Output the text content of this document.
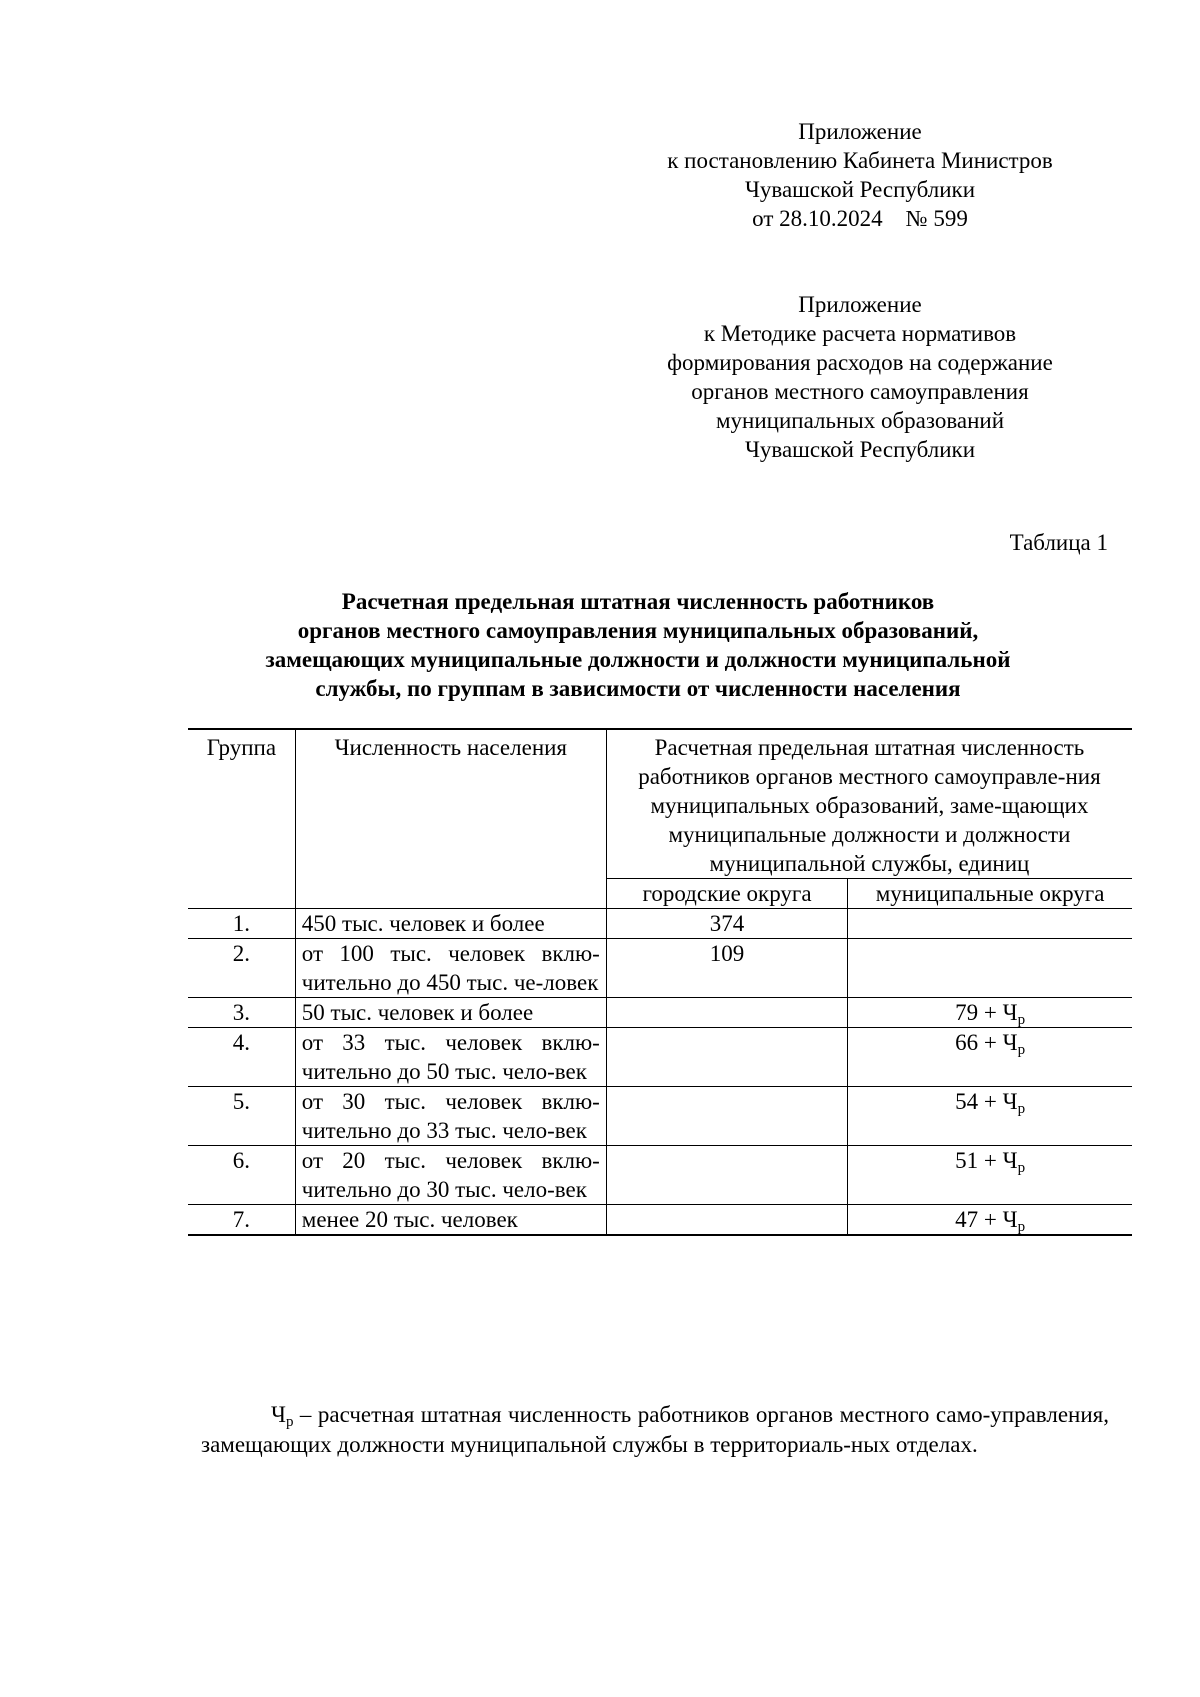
Приложение
к постановлению Кабинета Министров
Чувашской Республики
от 28.10.2024    № 599
Приложение
к Методике расчета нормативов
формирования расходов на содержание
органов местного самоуправления
муниципальных образований
Чувашской Республики
Таблица 1
Расчетная предельная штатная численность работников
органов местного самоуправления муниципальных образований,
замещающих муниципальные должности и должности муниципальной
службы, по группам в зависимости от численности населения
Группа	Численность населения	Расчетная предельная штатная численность работников органов местного самоуправле-ния муниципальных образований, заме-щающих муниципальные должности и должности муниципальной службы, единиц	
		городские округа	муниципальные округа
1.	450 тыс. человек и более	374	
2.	от 100 тыс. человек вклю-чительно до 450 тыс. че-ловек	109	
3.	50 тыс. человек и более		$79 + Ч_р$
4.	от 33 тыс. человек вклю-чительно до 50 тыс. чело-век		$66 + Ч_р$
5.	от 30 тыс. человек вклю-чительно до 33 тыс. чело-век		$54 + Ч_р$
6.	от 20 тыс. человек вклю-чительно до 30 тыс. чело-век		$51 + Ч_р$
7.	менее 20 тыс. человек		$47 + Ч_р$
$Ч_р$ – расчетная штатная численность работников органов местного само-управления, замещающих должности муниципальной службы в территориаль-ных отделах.
